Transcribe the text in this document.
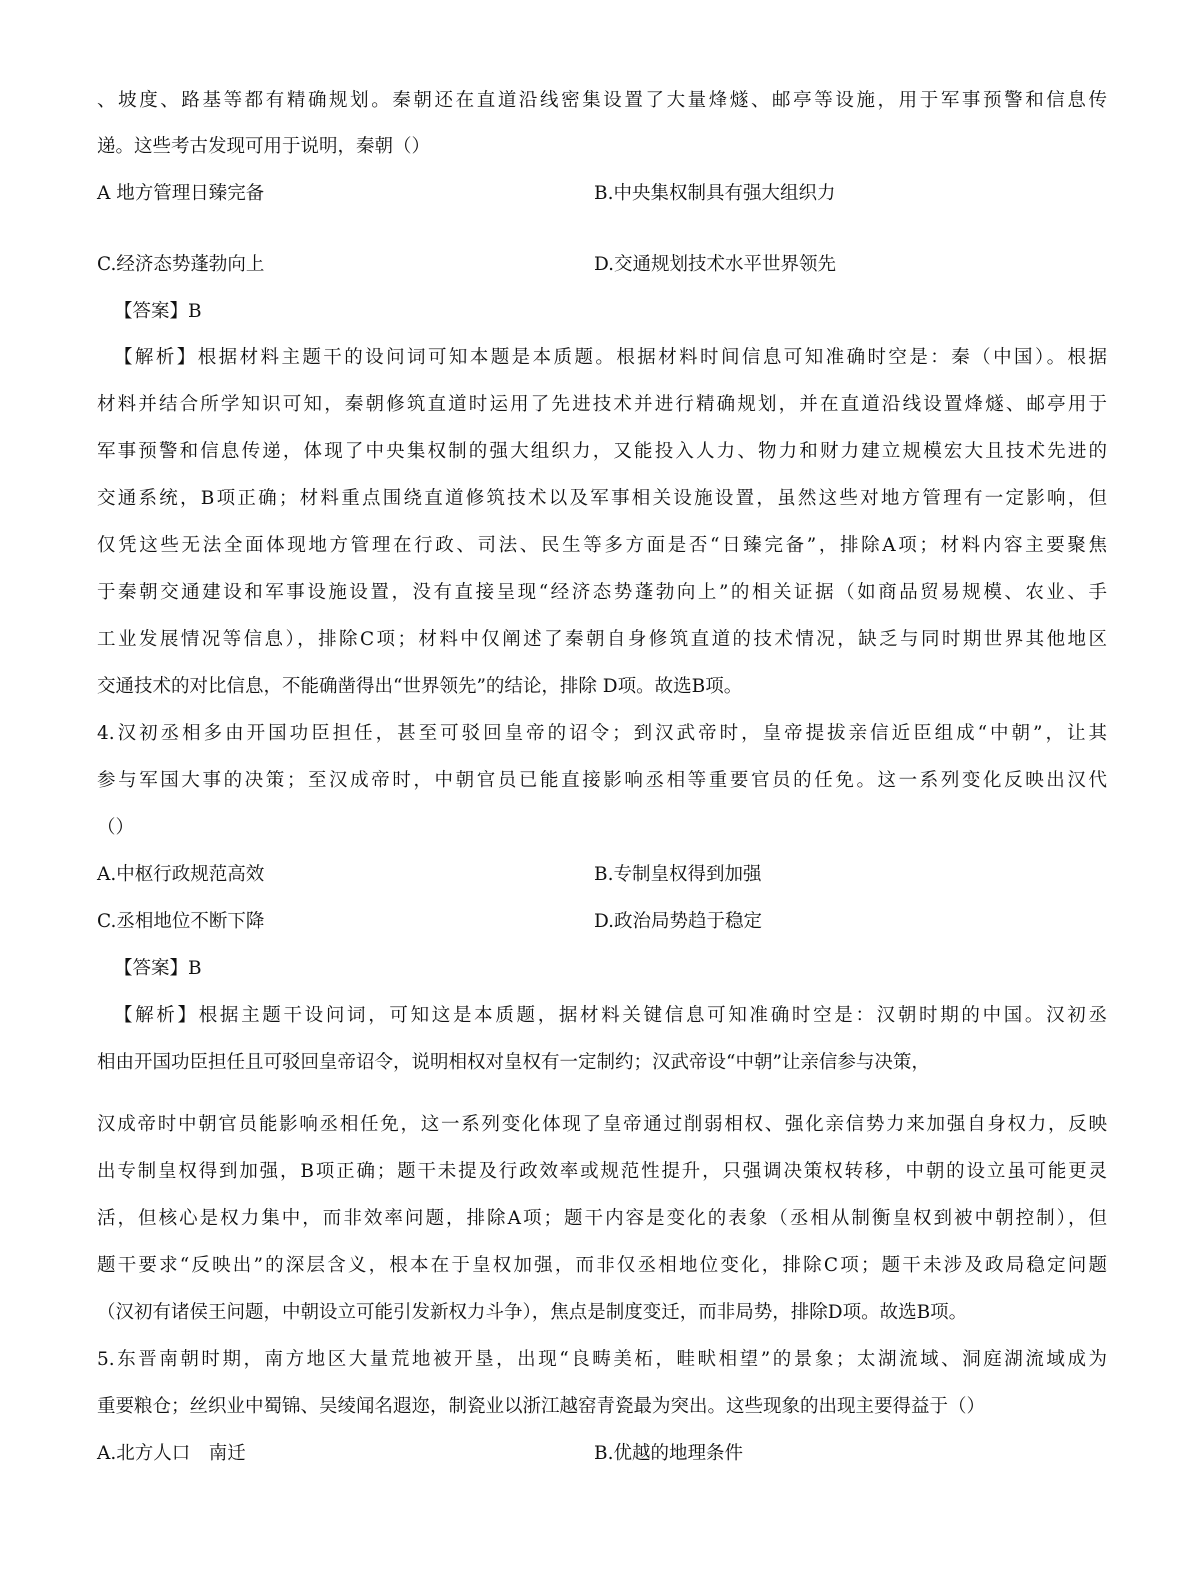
、坡度、路基等都有精确规划。秦朝还在直道沿线密集设置了大量烽燧、邮亭等设施，用于军事预警和信息传
递。这些考古发现可用于说明，秦朝（）
A 地方管理日臻完备	B.中央集权制具有强大组织力
C.经济态势蓬勃向上	D.交通规划技术水平世界领先
【答案】B
【解析】根据材料主题干的设问词可知本题是本质题。根据材料时间信息可知准确时空是：秦（中国）。根据
材料并结合所学知识可知，秦朝修筑直道时运用了先进技术并进行精确规划，并在直道沿线设置烽燧、邮亭用于
军事预警和信息传递，体现了中央集权制的强大组织力，又能投入人力、物力和财力建立规模宏大且技术先进的
交通系统，B项正确；材料重点围绕直道修筑技术以及军事相关设施设置，虽然这些对地方管理有一定影响，但
仅凭这些无法全面体现地方管理在行政、司法、民生等多方面是否“日臻完备”，排除A项；材料内容主要聚焦
于秦朝交通建设和军事设施设置，没有直接呈现“经济态势蓬勃向上”的相关证据（如商品贸易规模、农业、手
工业发展情况等信息），排除C项；材料中仅阐述了秦朝自身修筑直道的技术情况，缺乏与同时期世界其他地区
交通技术的对比信息，不能确凿得出“世界领先”的结论，排除 D项。故选B项。
4.汉初丞相多由开国功臣担任，甚至可驳回皇帝的诏令；到汉武帝时，皇帝提拔亲信近臣组成“中朝”，让其
参与军国大事的决策；至汉成帝时，中朝官员已能直接影响丞相等重要官员的任免。这一系列变化反映出汉代
（）
A.中枢行政规范高效	B.专制皇权得到加强
C.丞相地位不断下降	D.政治局势趋于稳定
【答案】B
【解析】根据主题干设问词，可知这是本质题，据材料关键信息可知准确时空是：汉朝时期的中国。汉初丞
相由开国功臣担任且可驳回皇帝诏令，说明相权对皇权有一定制约；汉武帝设“中朝”让亲信参与决策，
汉成帝时中朝官员能影响丞相任免，这一系列变化体现了皇帝通过削弱相权、强化亲信势力来加强自身权力，反映
出专制皇权得到加强，B项正确；题干未提及行政效率或规范性提升，只强调决策权转移，中朝的设立虽可能更灵
活，但核心是权力集中，而非效率问题，排除A项；题干内容是变化的表象（丞相从制衡皇权到被中朝控制），但
题干要求“反映出”的深层含义，根本在于皇权加强，而非仅丞相地位变化，排除C项；题干未涉及政局稳定问题
（汉初有诸侯王问题，中朝设立可能引发新权力斗争），焦点是制度变迁，而非局势，排除D项。故选B项。
5.东晋南朝时期，南方地区大量荒地被开垦，出现“良畴美柘，畦畎相望”的景象；太湖流域、洞庭湖流域成为
重要粮仓；丝织业中蜀锦、吴绫闻名遐迩，制瓷业以浙江越窑青瓷最为突出。这些现象的出现主要得益于（）
A.北方人口　南迁	B.优越的地理条件
